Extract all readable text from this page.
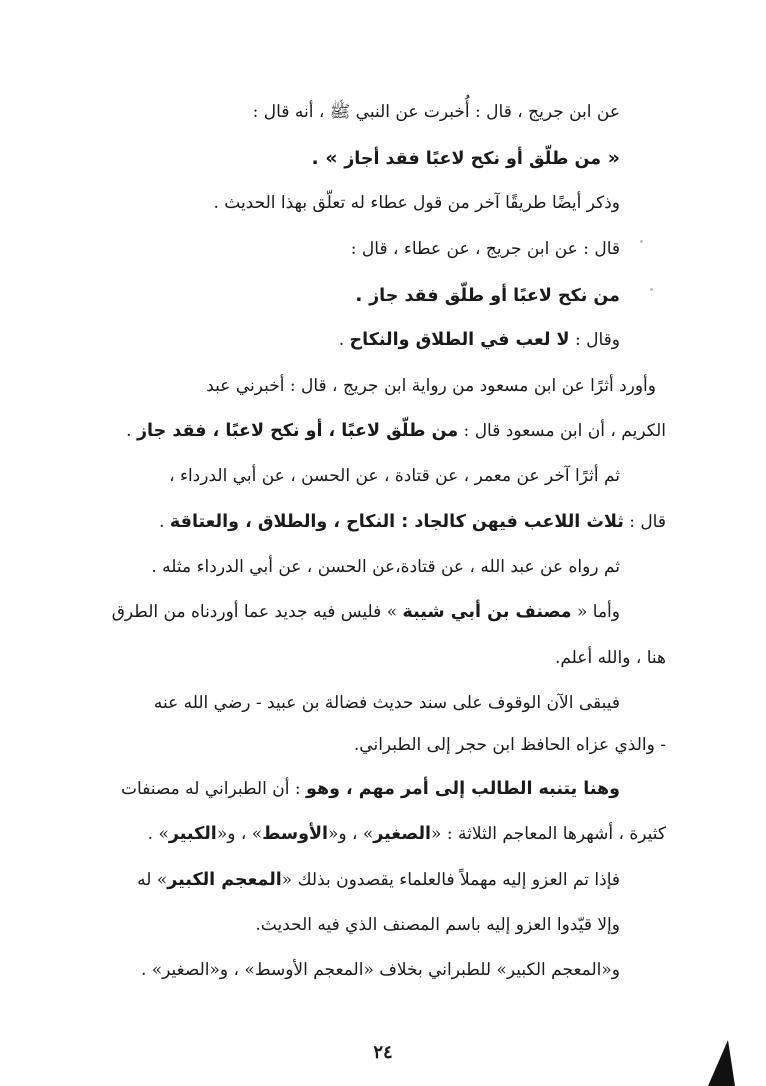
عن ابن جريج ، قال : أُخبرت عن النبي ﷺ ، أنه قال :
« من طلّق أو نكح لاعبًا فقد أجاز » .
وذكر أيضًا طريقًا آخر من قول عطاء له تعلّق بهذا الحديث .
قال : عن ابن جريج ، عن عطاء ، قال :
من نكح لاعبًا أو طلّق فقد جاز .
وقال : لا لعب في الطلاق والنكاح .
وأورد أثرًا عن ابن مسعود من رواية ابن جريج ، قال : أخبرني عبد
الكريم ، أن ابن مسعود قال : من طلّق لاعبًا ، أو نكح لاعبًا ، فقد جاز .
ثم أثرًا آخر عن معمر ، عن قتادة ، عن الحسن ، عن أبي الدرداء ،
قال : ثلاث اللاعب فيهن كالجاد : النكاح ، والطلاق ، والعتاقة .
ثم رواه عن عبد الله ، عن قتادة،عن الحسن ، عن أبي الدرداء مثله .
وأما « مصنف بن أبي شيبة » فليس فيه جديد عما أوردناه من الطرق
هنا ، والله أعلم.
فيبقى الآن الوقوف على سند حديث فضالة بن عبيد - رضي الله عنه
- والذي عزاه الحافظ ابن حجر إلى الطبراني.
وهنا يتنبه الطالب إلى أمر مهم ، وهو : أن الطبراني له مصنفات
كثيرة ، أشهرها المعاجم الثلاثة : «الصغير» ، و«الأوسط» ، و«الكبير» .
فإذا تم العزو إليه مهملاً فالعلماء يقصدون بذلك «المعجم الكبير» له
وإلا قيّدوا العزو إليه باسم المصنف الذي فيه الحديث.
و«المعجم الكبير» للطبراني بخلاف «المعجم الأوسط» ، و«الصغير» .
٢٤
